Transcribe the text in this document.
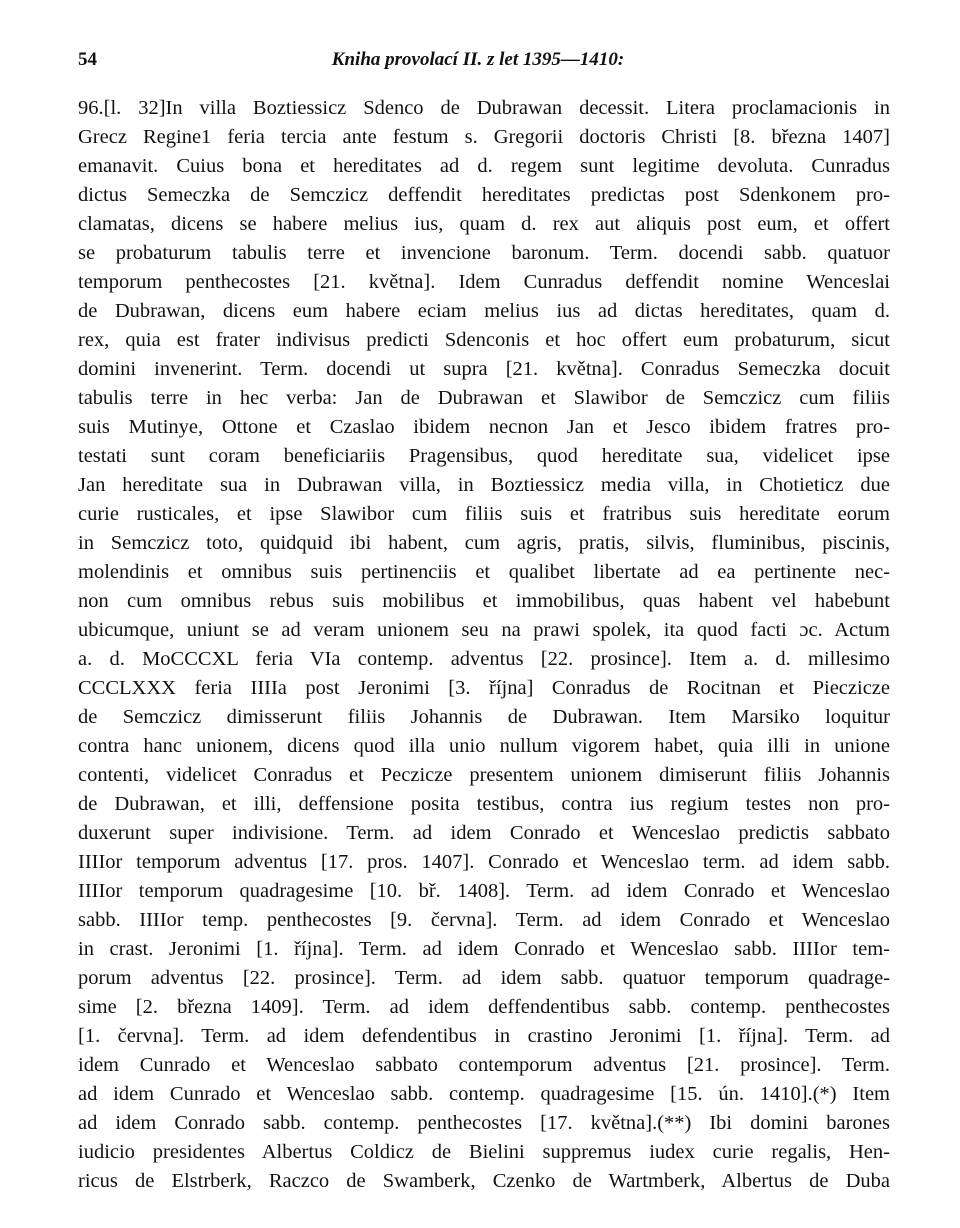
54	Kniha provolací II. z let 1395—1410:
96.[l. 32]In villa Boztiessicz Sdenco de Dubrawan decessit. Litera proclamacionis in
Grecz Regine1 feria tercia ante festum s. Gregorii doctoris Christi [8. března 1407]
emanavit. Cuius bona et hereditates ad d. regem sunt legitime devoluta. Cunradus
dictus Semeczka de Semczicz deffendit hereditates predictas post Sdenkonem pro-
clamatas, dicens se habere melius ius, quam d. rex aut aliquis post eum, et offert
se probaturum tabulis terre et invencione baronum. Term. docendi sabb. quatuor
temporum penthecostes [21. května]. Idem Cunradus deffendit nomine Wenceslai
de Dubrawan, dicens eum habere eciam melius ius ad dictas hereditates, quam d.
rex, quia est frater indivisus predicti Sdenconis et hoc offert eum probaturum, sicut
domini invenerint. Term. docendi ut supra [21. května]. Conradus Semeczka docuit
tabulis terre in hec verba: Jan de Dubrawan et Slawibor de Semczicz cum filiis
suis Mutinye, Ottone et Czaslao ibidem necnon Jan et Jesco ibidem fratres pro-
testati sunt coram beneficiariis Pragensibus, quod hereditate sua, videlicet ipse
Jan hereditate sua in Dubrawan villa, in Boztiessicz media villa, in Chotieticz due
curie rusticales, et ipse Slawibor cum filiis suis et fratribus suis hereditate eorum
in Semczicz toto, quidquid ibi habent, cum agris, pratis, silvis, fluminibus, piscinis,
molendinis et omnibus suis pertinenciis et qualibet libertate ad ea pertinente nec-
non cum omnibus rebus suis mobilibus et immobilibus, quas habent vel habebunt
ubicumque, uniunt se ad veram unionem seu na prawi spolek, ita quod facti ɔc. Actum
a. d. MoCCCXL feria VIa contemp. adventus [22. prosince]. Item a. d. millesimo
CCCLXXX feria IIIIa post Jeronimi [3. října] Conradus de Rocitnan et Pieczicze
de Semczicz dimisserunt filiis Johannis de Dubrawan. Item Marsiko loquitur
contra hanc unionem, dicens quod illa unio nullum vigorem habet, quia illi in unione
contenti, videlicet Conradus et Peczicze presentem unionem dimiserunt filiis Johannis
de Dubrawan, et illi, deffensione posita testibus, contra ius regium testes non pro-
duxerunt super indivisione. Term. ad idem Conrado et Wenceslao predictis sabbato
IIIIor temporum adventus [17. pros. 1407]. Conrado et Wenceslao term. ad idem sabb.
IIIIor temporum quadragesime [10. bř. 1408]. Term. ad idem Conrado et Wenceslao
sabb. IIIIor temp. penthecostes [9. června]. Term. ad idem Conrado et Wenceslao
in crast. Jeronimi [1. října]. Term. ad idem Conrado et Wenceslao sabb. IIIIor tem-
porum adventus [22. prosince]. Term. ad idem sabb. quatuor temporum quadrage-
sime [2. března 1409]. Term. ad idem deffendentibus sabb. contemp. penthecostes
[1. června]. Term. ad idem defendentibus in crastino Jeronimi [1. října]. Term. ad
idem Cunrado et Wenceslao sabbato contemporum adventus [21. prosince]. Term.
ad idem Cunrado et Wenceslao sabb. contemp. quadragesime [15. ún. 1410].(*) Item
ad idem Conrado sabb. contemp. penthecostes [17. května].(**) Ibi domini barones
iudicio presidentes Albertus Coldicz de Bielini suppremus iudex curie regalis, Hen-
ricus de Elstrberk, Raczco de Swamberk, Czenko de Wartmberk, Albertus de Duba
